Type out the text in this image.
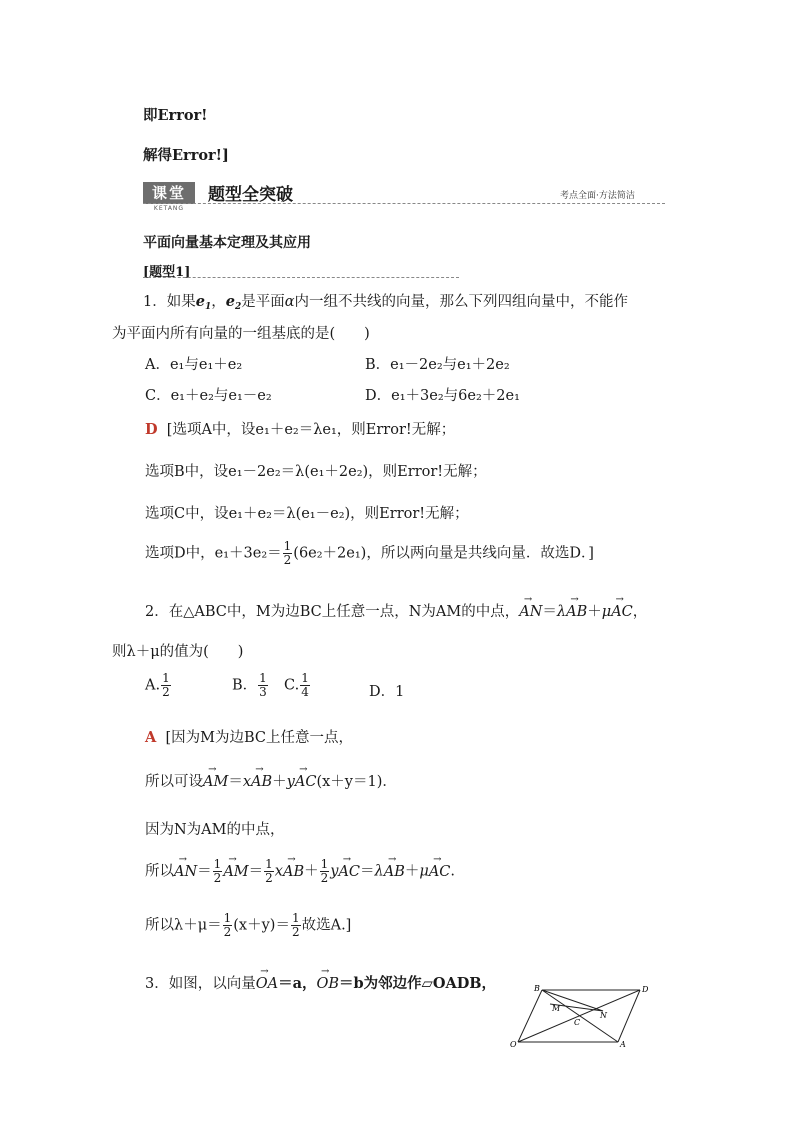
即Error!
解得Error!]
课堂
KETANG
题型全突破	考点全面·方法简洁
平面向量基本定理及其应用
[题型1]
1．如果$e_1$，$e_2$是平面α内一组不共线的向量，那么下列四组向量中，不能作
为平面内所有向量的一组基底的是(　　)
A．e₁与e₁＋e₂	B．e₁－2e₂与e₁＋2e₂
C．e₁＋e₂与e₁－e₂	D．e₁＋3e₂与6e₂＋2e₁
D [选项A中，设e₁＋e₂＝λe₁，则Error!无解；
选项B中，设e₁－2e₂＝λ(e₁＋2e₂)，则Error!无解；
选项C中，设e₁＋e₂＝λ(e₁－e₂)，则Error!无解；
选项D中，$e_1+3e_2= \frac{1}{2} (6e_2+2e_1)$，所以两向量是共线向量．故选D．]
2．在△ABC中，M为边BC上任意一点，N为AM的中点，→ AN＝λ→ AB＋μ→ AC，
则λ＋μ的值为(　　)
A. $\frac{1}{2}$	B． $\frac{1}{3} C$. $\frac{1}{4}$	D．1
A [因为M为边BC上任意一点，
所以可设→ AM＝x→ AB＋y→ AC(x＋y＝1)．
因为N为AM的中点，
所以→ $AN= \frac{1}{2}$
→ $AM= \frac{1}{2} x\to AB+ \frac{1}{2} y\to AC=\lambda\to AB+\mu\to$ AC.
所以$\lambda+\mu= \frac{1}{2} (x+y)= \frac{1}{2}$ 故选A.]
3．如图，以向量→ OA＝a，→ OB＝b为邻边作▱OADB，	B	D
M
N
C
O	A
